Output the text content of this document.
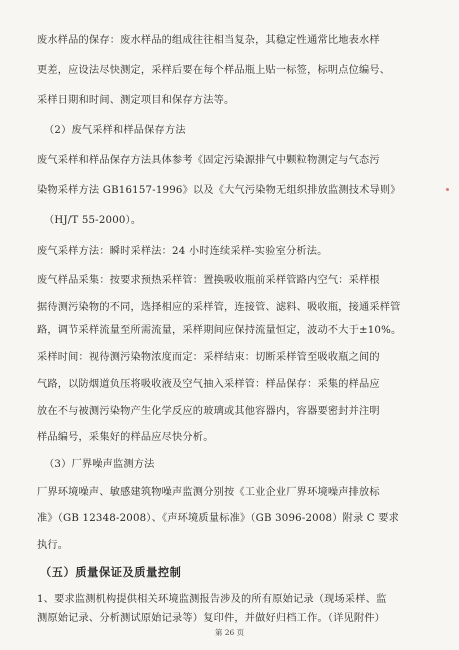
废水样品的保存：废水样品的组成往往相当复杂，其稳定性通常比地表水样
更差，应设法尽快测定，采样后要在每个样品瓶上贴一标签，标明点位编号、
采样日期和时间、测定项目和保存方法等。
（2）废气采样和样品保存方法
废气采样和样品保存方法具体参考《固定污染源排气中颗粒物测定与气态污
染物采样方法 GB16157-1996》以及《大气污染物无组织排放监测技术导则》
（HJ/T 55-2000）。
废气采样方法：瞬时采样法：24 小时连续采样-实验室分析法。
废气样品采集：按要求预热采样管：置换吸收瓶前采样管路内空气：采样根
据待测污染物的不同，选择相应的采样管，连接管、滤料、吸收瓶，接通采样管
路，调节采样流量至所需流量，采样期间应保持流量恒定，波动不大于±10%。
采样时间：视待测污染物浓度而定：采样结束：切断采样管至吸收瓶之间的
气路，以防烟道负压将吸收液及空气抽入采样管：样品保存：采集的样品应
放在不与被测污染物产生化学反应的玻璃或其他容器内，容器要密封并注明
样品编号，采集好的样品应尽快分析。
（3）厂界噪声监测方法
厂界环境噪声、敏感建筑物噪声监测分别按《工业企业厂界环境噪声排放标
准》（GB 12348-2008）、《声环境质量标准》（GB 3096-2008）附录 C 要求
执行。
（五）质量保证及质量控制
1、要求监测机构提供相关环境监测报告涉及的所有原始记录（现场采样、监
测原始记录、分析测试原始记录等）复印件，并做好归档工作。（详见附件）
第 26 页
